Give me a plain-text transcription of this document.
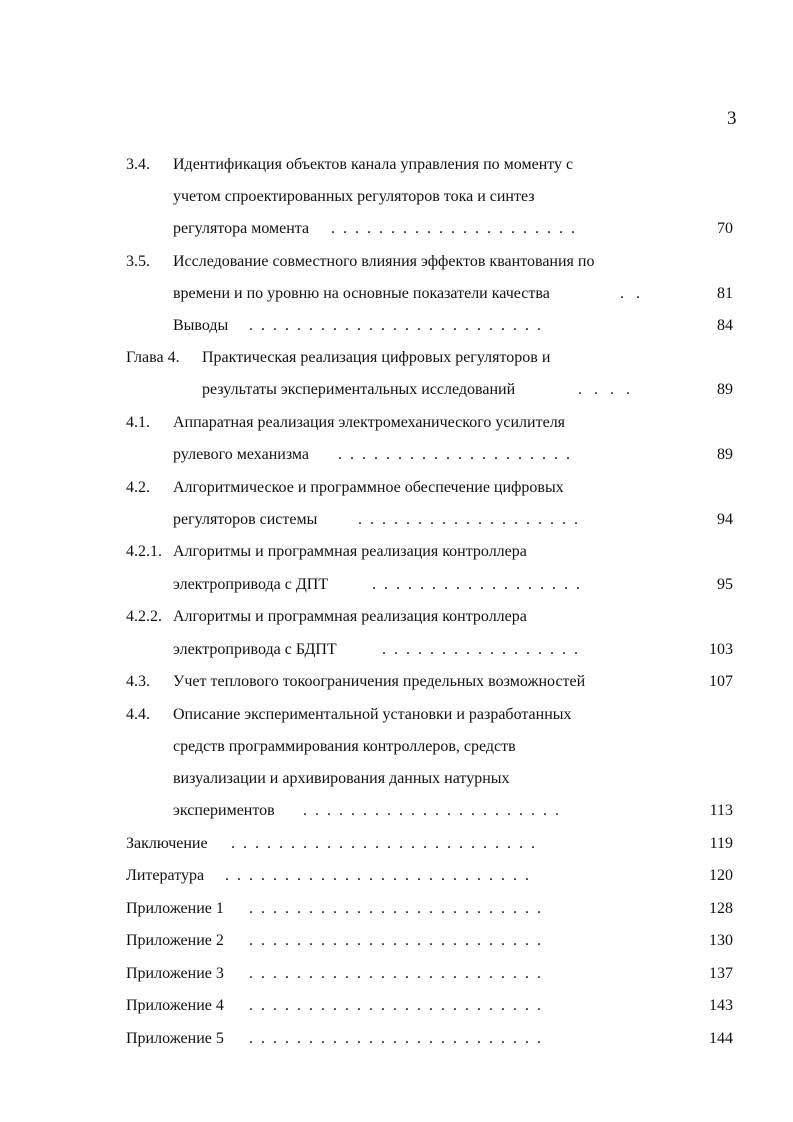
3
3.4. Идентификация объектов канала управления по моменту с
учетом спроектированных регуляторов тока и синтез
регулятора момента .  .  .  .  .  .  .  .  .  .  .  .  .  .  .  .  .  .  .  .  .	70
3.5. Исследование совместного влияния эффектов квантования по
времени и по уровню на основные показатели качества	.   .	81
Выводы .  .  .  .  .  .  .  .  .  .  .  .  .  .  .  .  .  .  .  .  .  .  .  .  .	84
Глава 4. Практическая реализация цифровых регуляторов и
результаты экспериментальных исследований	.   .   .   .	89
4.1. Аппаратная реализация электромеханического усилителя
рулевого механизма .  .  .  .  .  .  .  .  .  .  .  .  .  .  .  .  .  .  .  .	89
4.2. Алгоритмическое и программное обеспечение цифровых
регуляторов системы	.  .  .  .  .  .  .  .  .  .  .  .  .  .  .  .  .  .  .	94
4.2.1. Алгоритмы и программная реализация контроллера
электропривода с ДПТ	.  .  .  .  .  .  .  .  .  .  .  .  .  .  .  .  .  .	95
4.2.2. Алгоритмы и программная реализация контроллера
электропривода с БДПТ	.  .  .  .  .  .  .  .  .  .  .  .  .  .  .  .  .	103
4.3. Учет теплового токоограничения предельных возможностей	107
4.4. Описание экспериментальной установки и разработанных
средств программирования контроллеров, средств
визуализации и архивирования данных натурных
экспериментов .  .  .  .  .  .  .  .  .  .  .  .  .  .  .  .  .  .  .  .  .  .	113
Заключение .  .  .  .  .  .  .  .  .  .  .  .  .  .  .  .  .  .  .  .  .  .  .  .  .  .	119
Литература .  .  .  .  .  .  .  .  .  .  .  .  .  .  .  .  .  .  .  .  .  .  .  .  .  .	120
Приложение 1 .  .  .  .  .  .  .  .  .  .  .  .  .  .  .  .  .  .  .  .  .  .  .  .  .	128
Приложение 2 .  .  .  .  .  .  .  .  .  .  .  .  .  .  .  .  .  .  .  .  .  .  .  .  .	130
Приложение 3 .  .  .  .  .  .  .  .  .  .  .  .  .  .  .  .  .  .  .  .  .  .  .  .  .	137
Приложение 4 .  .  .  .  .  .  .  .  .  .  .  .  .  .  .  .  .  .  .  .  .  .  .  .  .	143
Приложение 5 .  .  .  .  .  .  .  .  .  .  .  .  .  .  .  .  .  .  .  .  .  .  .  .  .	144
